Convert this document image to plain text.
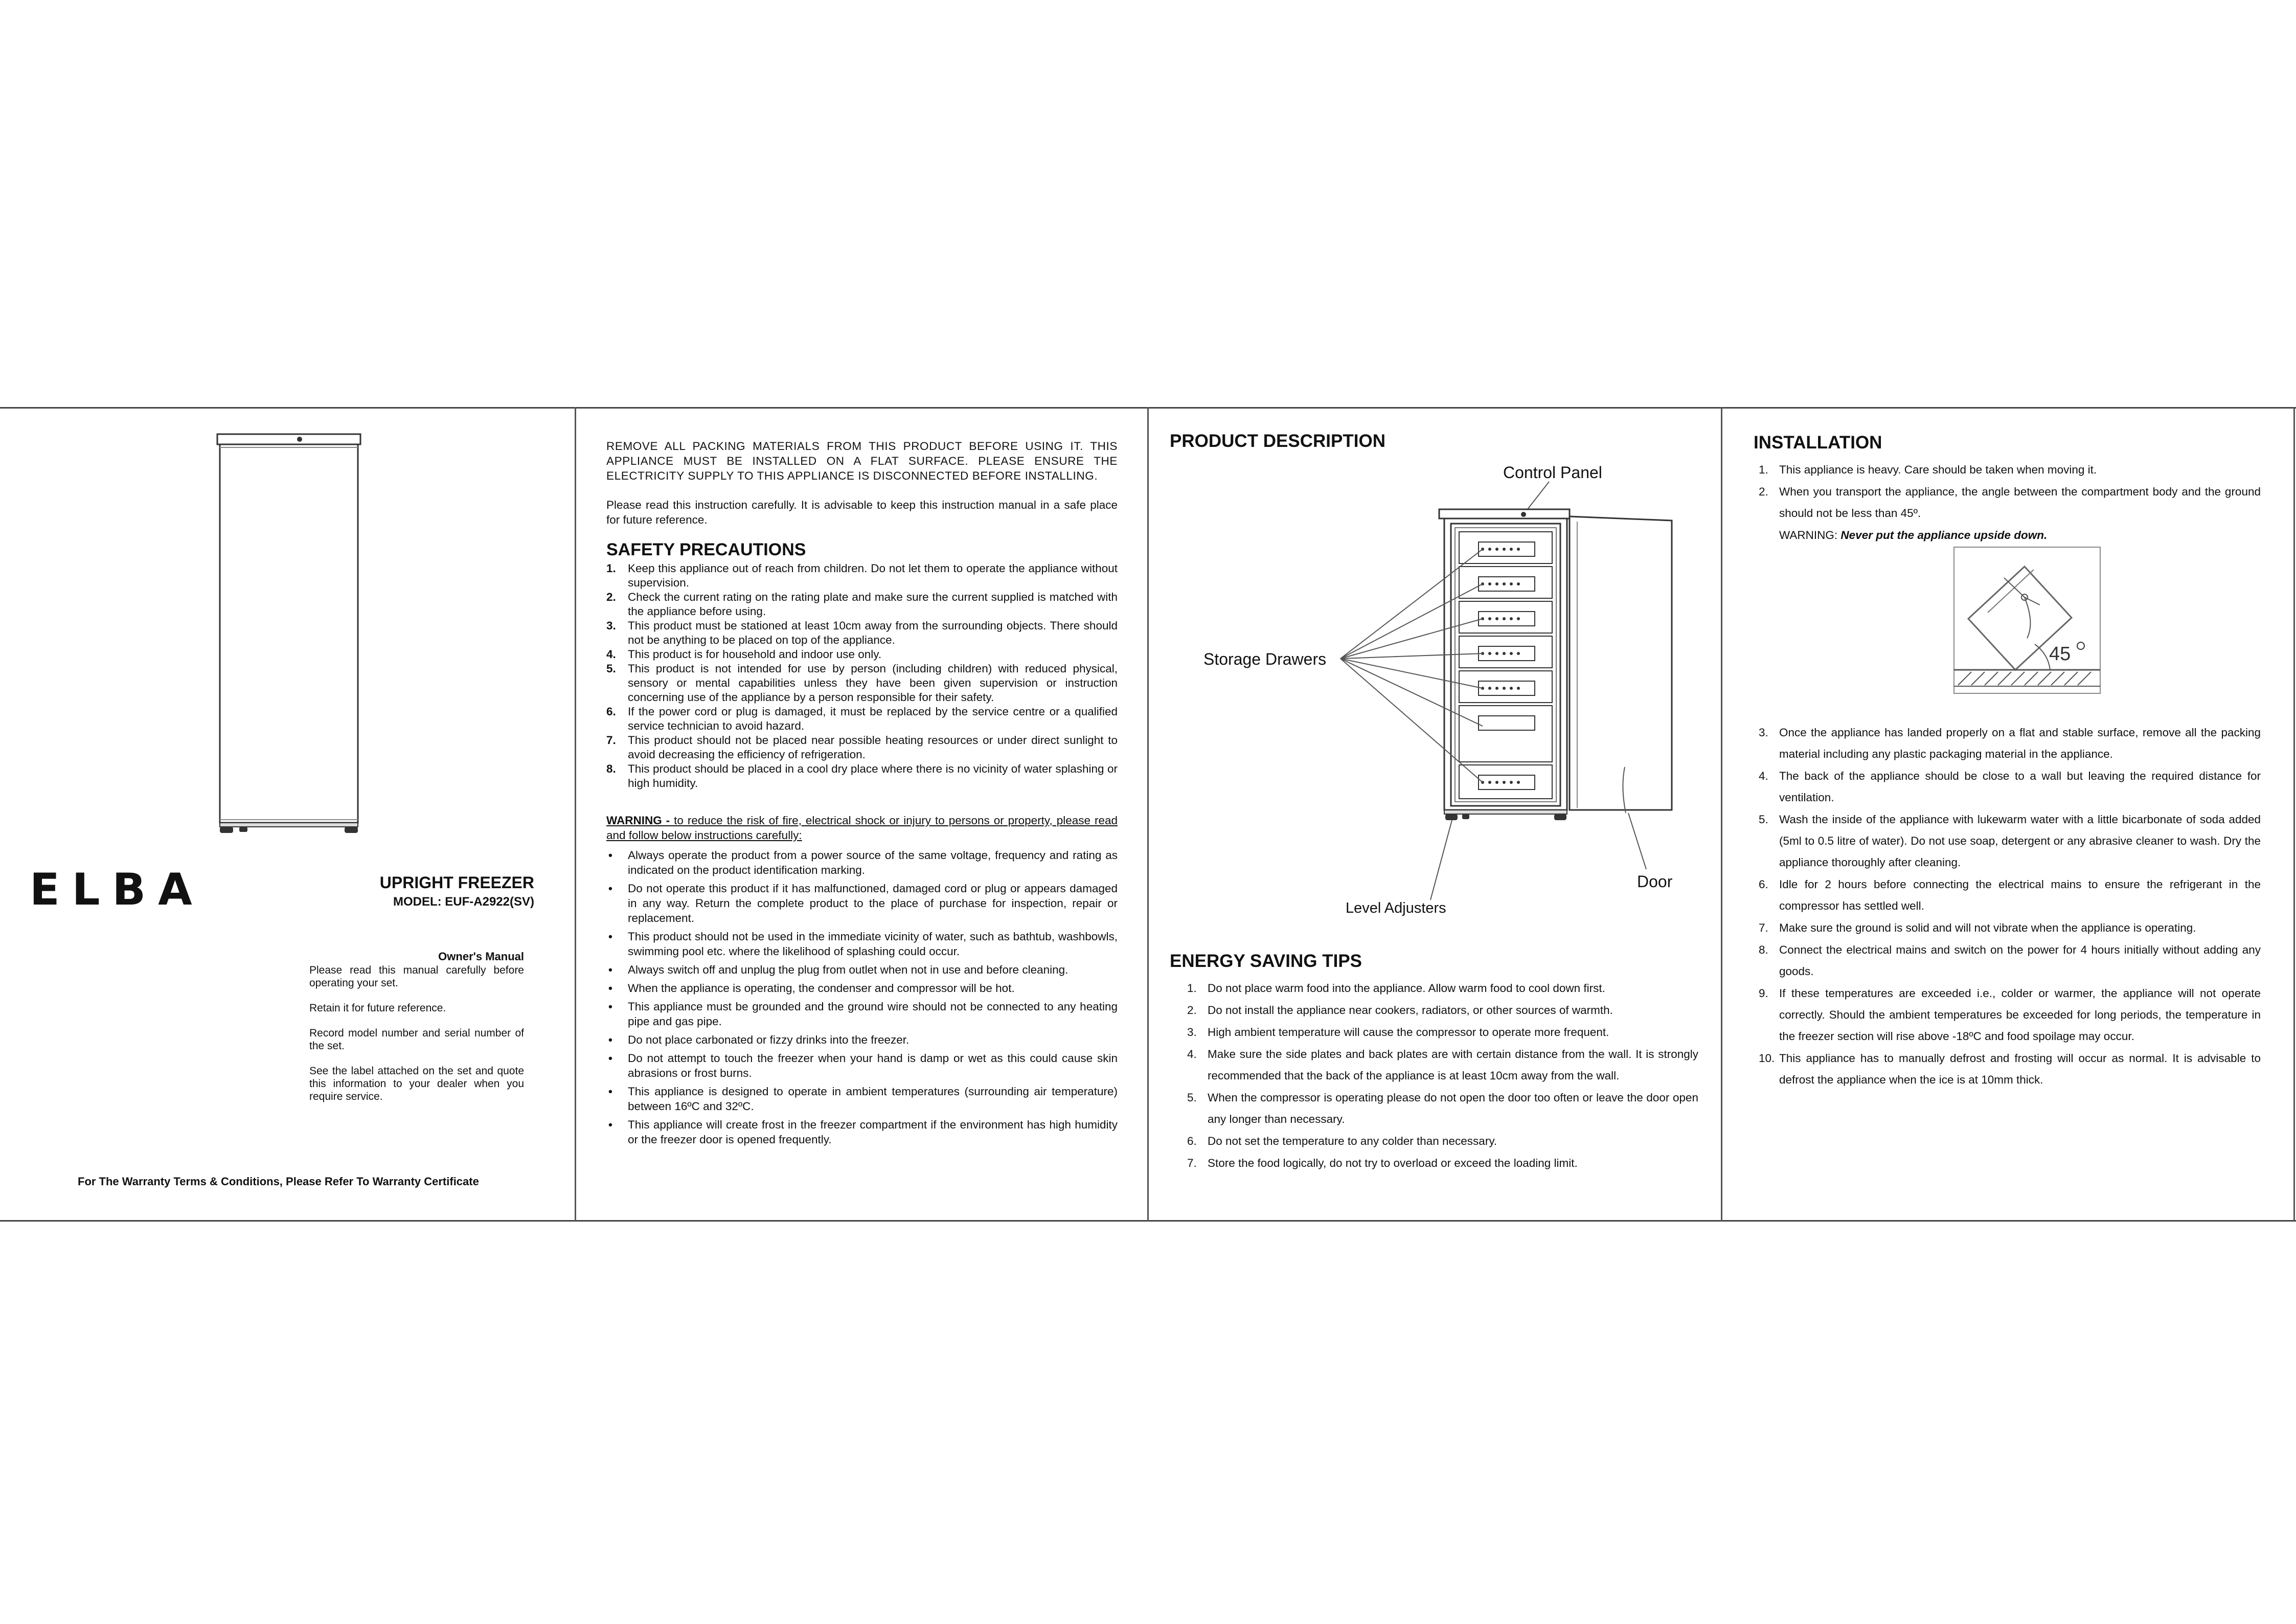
ELBA	UPRIGHT FREEZER
MODEL: EUF-A2922(SV)
Owner's Manual

Please read this manual carefully before operating your set.

Retain it for future reference.

Record model number and serial number of the set.

See the label attached on the set and quote this information to your dealer when you require service.

For The Warranty Terms & Conditions, Please Refer To Warranty Certificate

REMOVE ALL PACKING MATERIALS FROM THIS PRODUCT BEFORE USING IT. THIS APPLIANCE MUST BE INSTALLED ON A FLAT SURFACE. PLEASE ENSURE THE ELECTRICITY SUPPLY TO THIS APPLIANCE IS DISCONNECTED BEFORE INSTALLING.

Please read this instruction carefully. It is advisable to keep this instruction manual in a safe place for future reference.

SAFETY PRECAUTIONS
1. Keep this appliance out of reach from children. Do not let them to operate the appliance without supervision.
2. Check the current rating on the rating plate and make sure the current supplied is matched with the appliance before using.
3. This product must be stationed at least 10cm away from the surrounding objects. There should not be anything to be placed on top of the appliance.
4. This product is for household and indoor use only.
5. This product is not intended for use by person (including children) with reduced physical, sensory or mental capabilities unless they have been given supervision or instruction concerning use of the appliance by a person responsible for their safety.
6. If the power cord or plug is damaged, it must be replaced by the service centre or a qualified service technician to avoid hazard.
7. This product should not be placed near possible heating resources or under direct sunlight to avoid decreasing the efficiency of refrigeration.
8. This product should be placed in a cool dry place where there is no vicinity of water splashing or high humidity.
WARNING - to reduce the risk of fire, electrical shock or injury to persons or property, please read and follow below instructions carefully:
• Always operate the product from a power source of the same voltage, frequency and rating as indicated on the product identification marking.
• Do not operate this product if it has malfunctioned, damaged cord or plug or appears damaged in any way. Return the complete product to the place of purchase for inspection, repair or replacement.
• This product should not be used in the immediate vicinity of water, such as bathtub, washbowls, swimming pool etc. where the likelihood of splashing could occur.
• Always switch off and unplug the plug from outlet when not in use and before cleaning.
• When the appliance is operating, the condenser and compressor will be hot.
• This appliance must be grounded and the ground wire should not be connected to any heating pipe and gas pipe.
• Do not place carbonated or fizzy drinks into the freezer.
• Do not attempt to touch the freezer when your hand is damp or wet as this could cause skin abrasions or frost burns.
• This appliance is designed to operate in ambient temperatures (surrounding air temperature) between 16ºC and 32ºC.
• This appliance will create frost in the freezer compartment if the environment has high humidity or the freezer door is opened frequently.
PRODUCT DESCRIPTION
Control Panel
Storage Drawers
Door
Level Adjusters
ENERGY SAVING TIPS
1. Do not place warm food into the appliance. Allow warm food to cool down first.
2. Do not install the appliance near cookers, radiators, or other sources of warmth.
3. High ambient temperature will cause the compressor to operate more frequent.
4. Make sure the side plates and back plates are with certain distance from the wall. It is strongly recommended that the back of the appliance is at least 10cm away from the wall.
5. When the compressor is operating please do not open the door too often or leave the door open any longer than necessary.
6. Do not set the temperature to any colder than necessary.
7. Store the food logically, do not try to overload or exceed the loading limit.
INSTALLATION
1. This appliance is heavy. Care should be taken when moving it.
2. When you transport the appliance, the angle between the compartment body and the ground should not be less than 45º.
WARNING: Never put the appliance upside down.
45
3. Once the appliance has landed properly on a flat and stable surface, remove all the packing material including any plastic packaging material in the appliance.
4. The back of the appliance should be close to a wall but leaving the required distance for ventilation.
5. Wash the inside of the appliance with lukewarm water with a little bicarbonate of soda added (5ml to 0.5 litre of water). Do not use soap, detergent or any abrasive cleaner to wash. Dry the appliance thoroughly after cleaning.
6. Idle for 2 hours before connecting the electrical mains to ensure the refrigerant in the compressor has settled well.
7. Make sure the ground is solid and will not vibrate when the appliance is operating.
8. Connect the electrical mains and switch on the power for 4 hours initially without adding any goods.
9. If these temperatures are exceeded i.e., colder or warmer, the appliance will not operate correctly. Should the ambient temperatures be exceeded for long periods, the temperature in the freezer section will rise above -18ºC and food spoilage may occur.
10. This appliance has to manually defrost and frosting will occur as normal. It is advisable to defrost the appliance when the ice is at 10mm thick.
